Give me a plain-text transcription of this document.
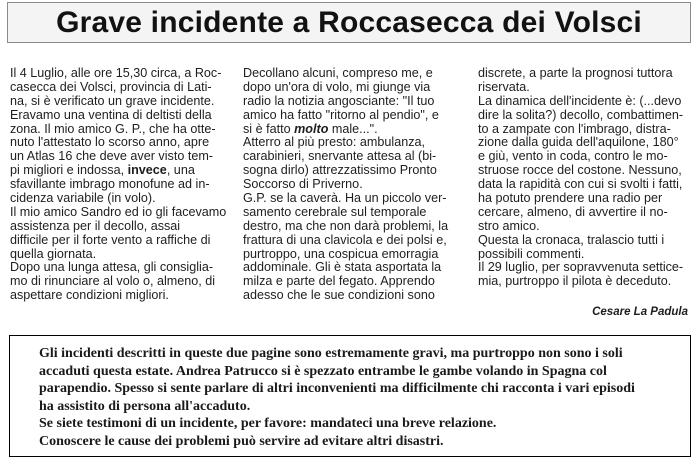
Grave incidente a Roccasecca dei Volsci
Il 4 Luglio, alle ore 15,30 circa, a Roc-
casecca dei Volsci, provincia di Lati-
na, si è verificato un grave incidente.
Eravamo una ventina di deltisti della
zona. Il mio amico G. P., che ha otte-
nuto l'attestato lo scorso anno, apre
un Atlas 16 che deve aver visto tem-
pi migliori e indossa, invece, una
sfavillante imbrago monofune ad in-
cidenza variabile (in volo).
Il mio amico Sandro ed io gli facevamo
assistenza per il decollo, assai
difficile per il forte vento a raffiche di
quella giornata.
Dopo una lunga attesa, gli consiglia-
mo di rinunciare al volo o, almeno, di
aspettare condizioni migliori.
Decollano alcuni, compreso me, e
dopo un'ora di volo, mi giunge via
radio la notizia angosciante: "Il tuo
amico ha fatto "ritorno al pendio", e
si è fatto molto male...".
Atterro al più presto: ambulanza,
carabinieri, snervante attesa al (bi-
sogna dirlo) attrezzatissimo Pronto
Soccorso di Priverno.
G.P. se la caverà. Ha un piccolo ver-
samento cerebrale sul temporale
destro, ma che non darà problemi, la
frattura di una clavicola e dei polsi e,
purtroppo, una cospicua emorragia
addominale. Gli è stata asportata la
milza e parte del fegato. Apprendo
adesso che le sue condizioni sono
discrete, a parte la prognosi tuttora
riservata.
La dinamica dell'incidente è: (...devo
dire la solita?) decollo, combattimen-
to a zampate con l'imbrago, distra-
zione dalla guida dell'aquilone, 180°
e giù, vento in coda, contro le mo-
struose rocce del costone. Nessuno,
data la rapidità con cui si svolti i fatti,
ha potuto prendere una radio per
cercare, almeno, di avvertire il no-
stro amico.
Questa la cronaca, tralascio tutti i
possibili commenti.
Il 29 luglio, per sopravvenuta settice-
mia, purtroppo il pilota è deceduto.
Cesare La Padula
Gli incidenti descritti in queste due pagine sono estremamente gravi, ma purtroppo non sono i soli
accaduti questa estate. Andrea Patrucco si è spezzato entrambe le gambe volando in Spagna col
parapendio. Spesso si sente parlare di altri inconvenienti ma difficilmente chi racconta i vari episodi
ha assistito di persona all'accaduto.
Se siete testimoni di un incidente, per favore: mandateci una breve relazione.
Conoscere le cause dei problemi può servire ad evitare altri disastri.
